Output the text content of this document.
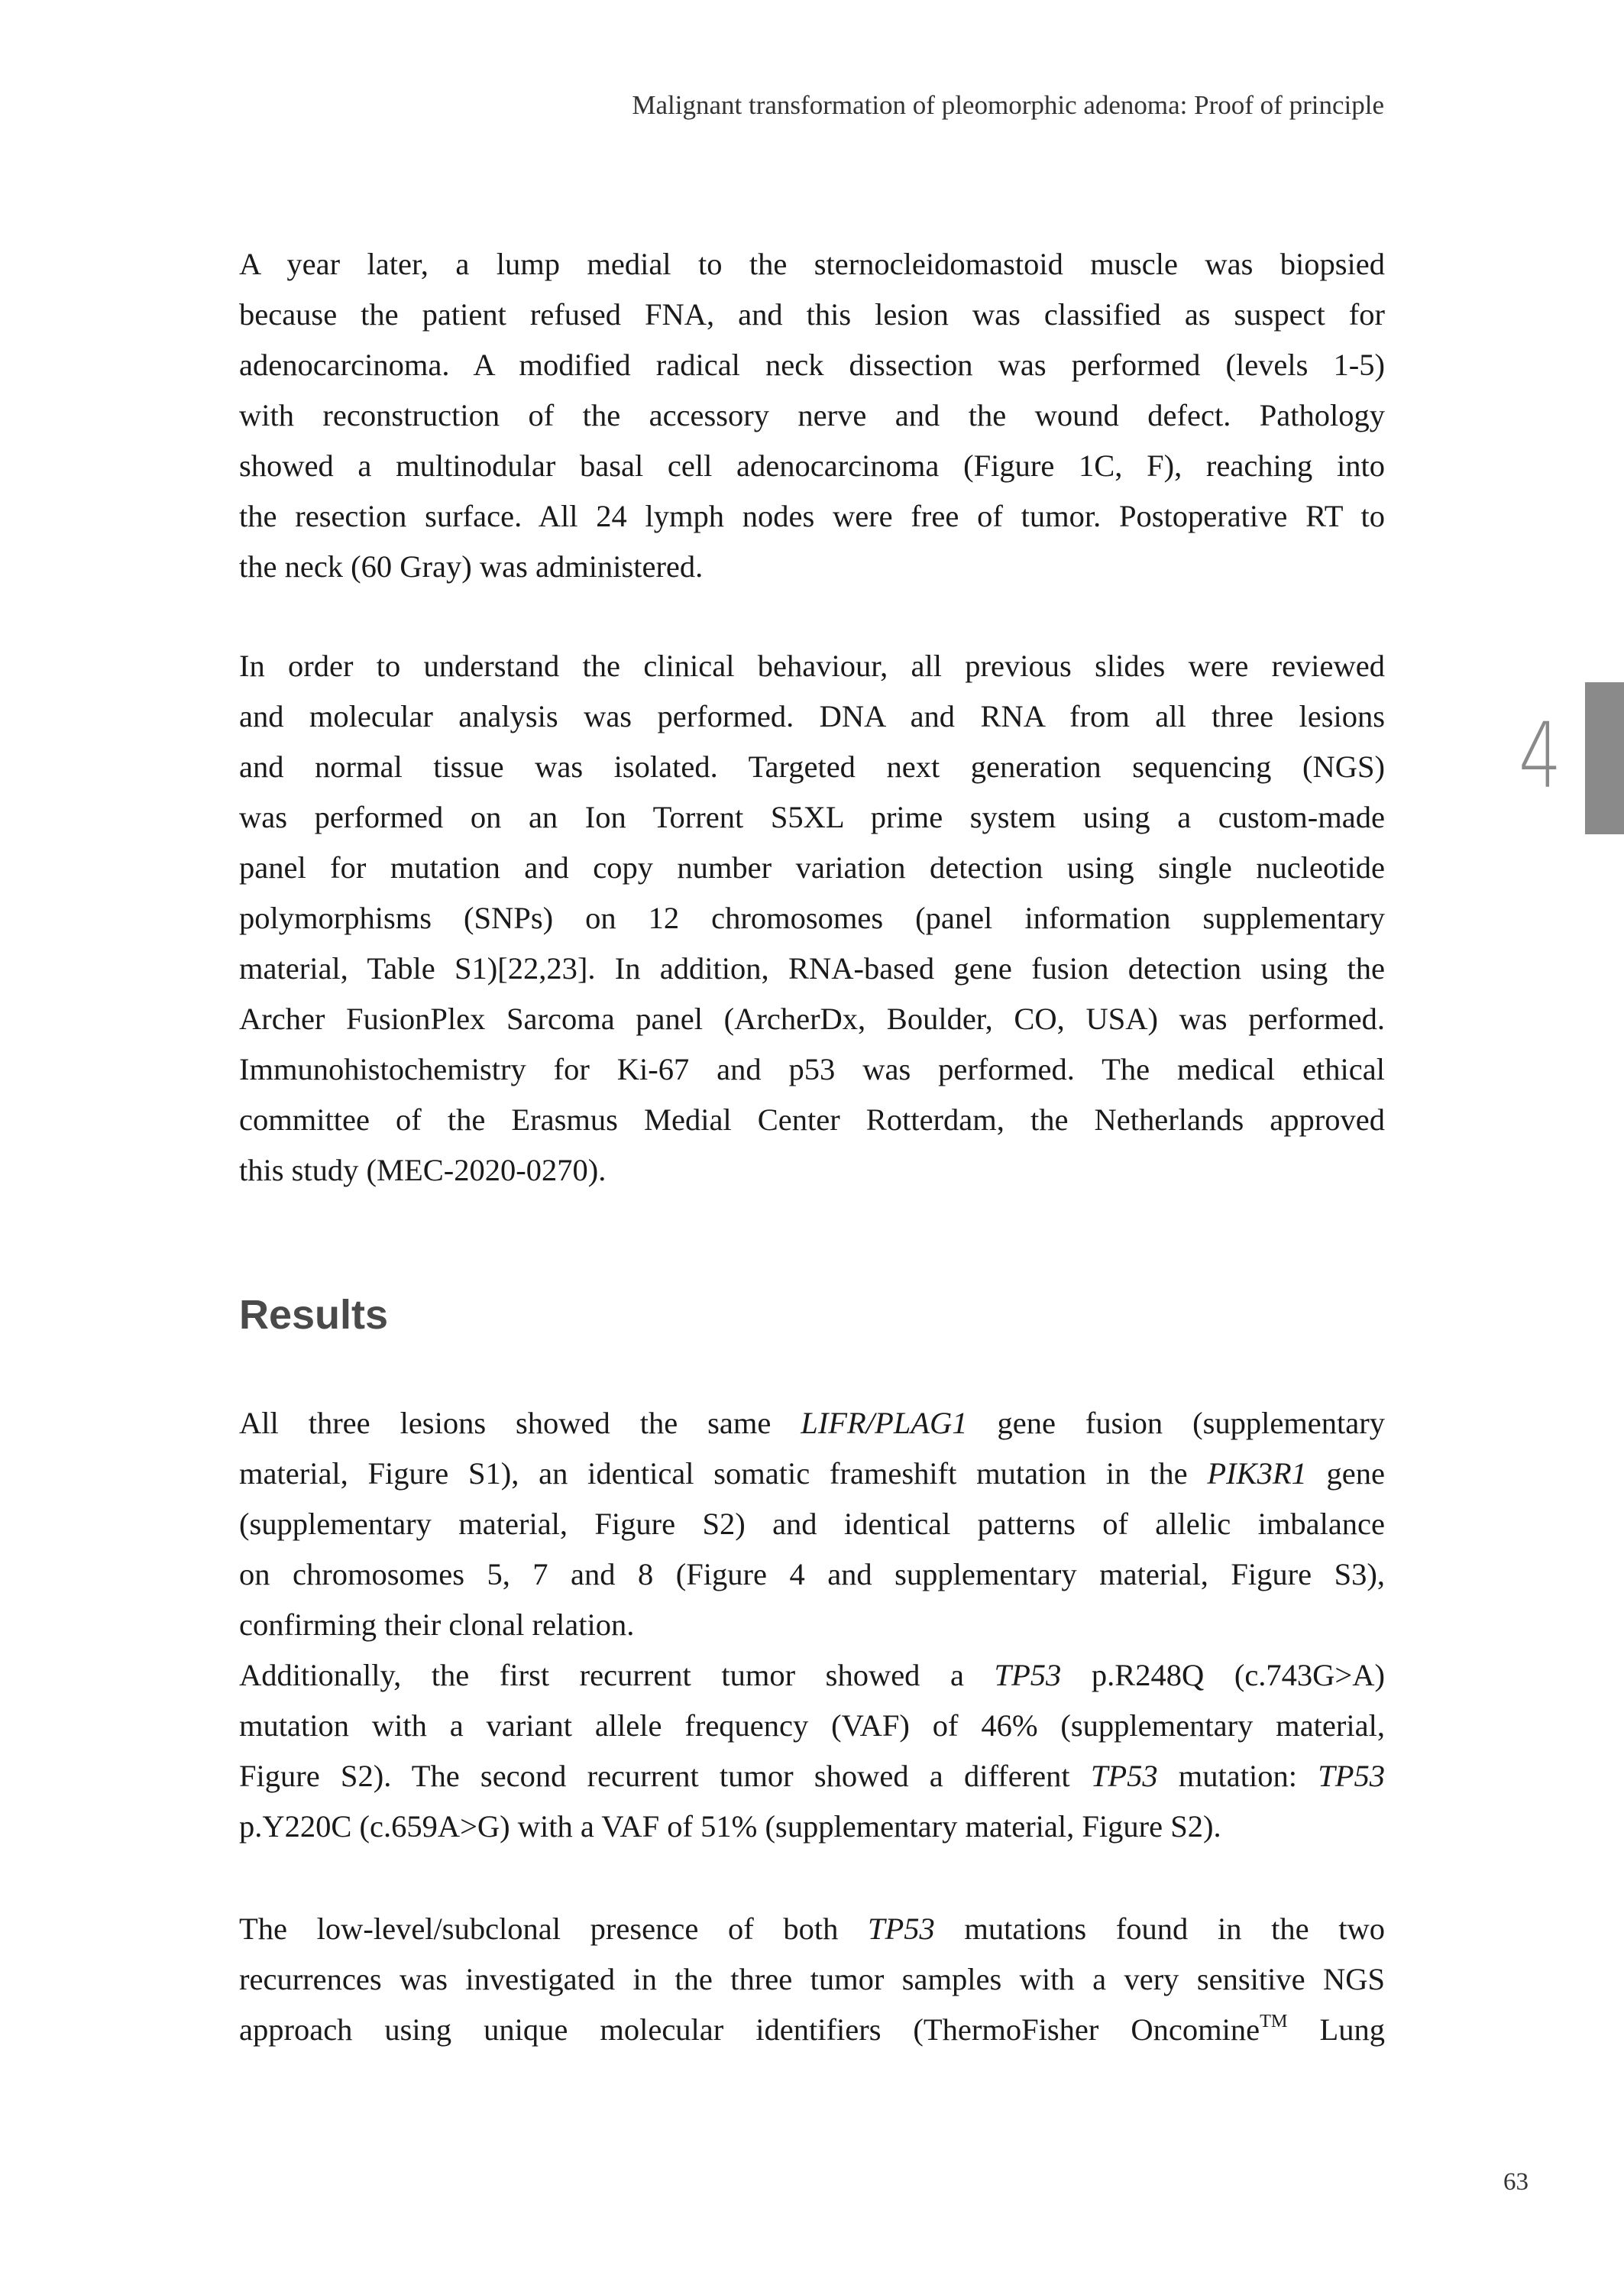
Malignant transformation of pleomorphic adenoma: Proof of principle
A year later, a lump medial to the sternocleidomastoid muscle was biopsied
because the patient refused FNA, and this lesion was classified as suspect for
adenocarcinoma. A modified radical neck dissection was performed (levels 1-5)
with reconstruction of the accessory nerve and the wound defect. Pathology
showed a multinodular basal cell adenocarcinoma (Figure 1C, F), reaching into
the resection surface. All 24 lymph nodes were free of tumor. Postoperative RT to
the neck (60 Gray) was administered.
In order to understand the clinical behaviour, all previous slides were reviewed
and molecular analysis was performed. DNA and RNA from all three lesions
and normal tissue was isolated. Targeted next generation sequencing (NGS)
was performed on an Ion Torrent S5XL prime system using a custom-made
panel for mutation and copy number variation detection using single nucleotide
polymorphisms (SNPs) on 12 chromosomes (panel information supplementary
material, Table S1)[22,23]. In addition, RNA-based gene fusion detection using the
Archer FusionPlex Sarcoma panel (ArcherDx, Boulder, CO, USA) was performed.
Immunohistochemistry for Ki-67 and p53 was performed. The medical ethical
committee of the Erasmus Medial Center Rotterdam, the Netherlands approved
this study (MEC-2020-0270).
Results
All three lesions showed the same LIFR/PLAG1 gene fusion (supplementary
material, Figure S1), an identical somatic frameshift mutation in the PIK3R1 gene
(supplementary material, Figure S2) and identical patterns of allelic imbalance
on chromosomes 5, 7 and 8 (Figure 4 and supplementary material, Figure S3),
confirming their clonal relation.
Additionally, the first recurrent tumor showed a TP53 p.R248Q (c.743G>A)
mutation with a variant allele frequency (VAF) of 46% (supplementary material,
Figure S2). The second recurrent tumor showed a different TP53 mutation: TP53
p.Y220C (c.659A>G) with a VAF of 51% (supplementary material, Figure S2).
The low-level/subclonal presence of both TP53 mutations found in the two
recurrences was investigated in the three tumor samples with a very sensitive NGS
approach using unique molecular identifiers (ThermoFisher Oncomine™ Lung
4
63
